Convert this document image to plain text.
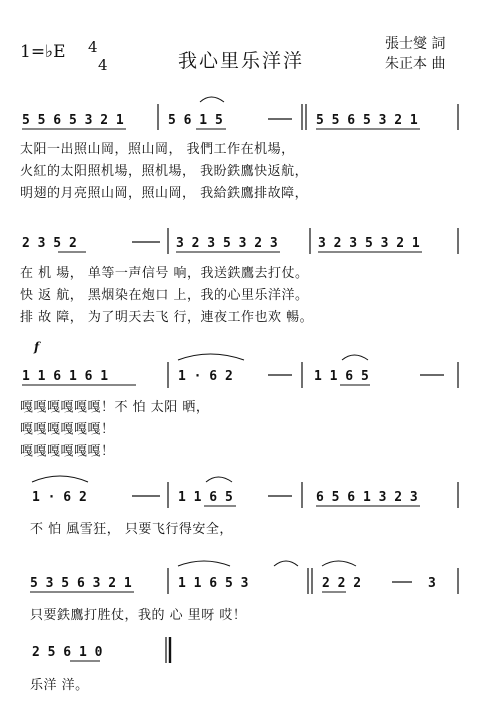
1=♭E 4
4	我心里乐洋洋
張士燮 詞
朱正本 曲
5 5 6 5 3 2 1	5 6 1 5	5 5 6 5 3 2 1
2 3 5 2	3 2 3 5 3 2 3	3 2 3 5 3 2 1
1 1 6 1 6 1	1 · 6 2	1 1 6 5
1 · 6 2	1 1 6 5	6 5 6 1 3 2 3
5 3 5 6 3 2 1	1 1 6 5 3	2 2 2	3
2 5 6 1 0
太阳一出照山岡，照山岡， 我們工作在机場，
火紅的太阳照机場，照机場， 我盼鉄鷹快返航，
明翅的月亮照山岡，照山岡， 我給鉄鷹排故障，
在 机 場， 单等一声信号 响，我送鉄鷹去打仗。
快 返 航， 黑烟染在炮口 上，我的心里乐洋洋。
排 故 障， 为了明天去飞 行，連夜工作也欢 暢。
f
嘎嘎嘎嘎嘎嘎！不 怕 太阳 晒，
嘎嘎嘎嘎嘎嘎！
嘎嘎嘎嘎嘎嘎！
不 怕 風雪狂， 只要飞行得安全，
只要鉄鷹打胜仗，我的 心 里呀 哎！
乐洋 洋。
